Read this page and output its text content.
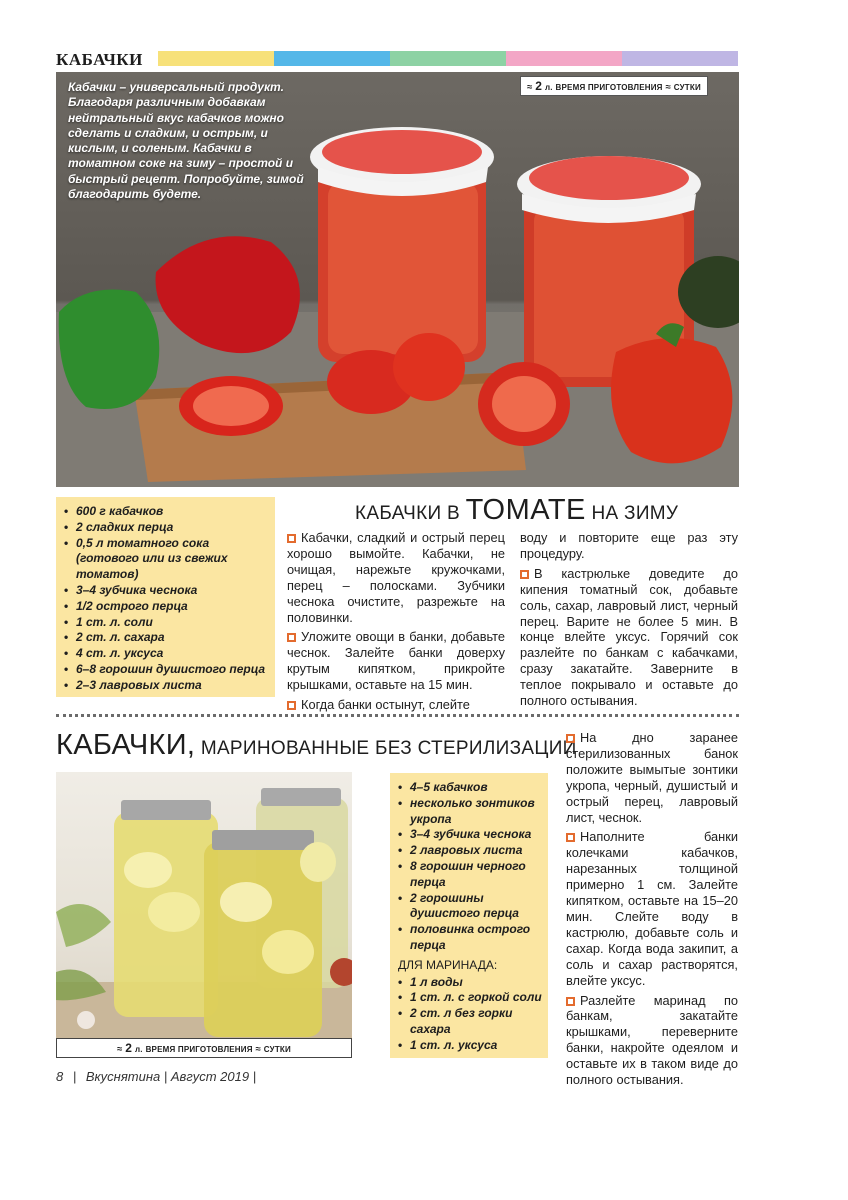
КАБАЧКИ
Кабачки – универсальный продукт. Благодаря различным добавкам нейтральный вкус кабачков можно сделать и сладким, и острым, и кислым, и соленым. Кабачки в томатном соке на зиму – простой и быстрый рецепт. Попробуйте, зимой благодарить будете.
≈ 2 л. ВРЕМЯ ПРИГОТОВЛЕНИЯ ≈ СУТКИ
• 600 г кабачков
• 2 сладких перца
• 0,5 л томатного сока (готового или из свежих томатов)
• 3–4 зубчика чеснока
• 1/2 острого перца
• 1 ст. л. соли
• 2 ст. л. сахара
• 4 ст. л. уксуса
• 6–8 горошин душистого перца
• 2–3 лавровых листа
КАБАЧКИ В ТОМАТЕ НА ЗИМУ

Кабачки, сладкий и острый перец хорошо вымойте. Кабачки, не очищая, нарежьте кружочками, перец – полосками. Зубчики чеснока очистите, разрежьте на половинки.

Уложите овощи в банки, добавьте чеснок. Залейте банки доверху крутым кипятком, прикройте крышками, оставьте на 15 мин.

Когда банки остынут, слейте

воду и повторите еще раз эту процедуру.

В кастрюльке доведите до кипения томатный сок, добавьте соль, сахар, лавровый лист, черный перец. Варите не более 5 мин. В конце влейте уксус. Горячий сок разлейте по банкам с кабачками, сразу закатайте. Заверните в теплое покрывало и оставьте до полного остывания.

КАБАЧКИ, МАРИНОВАННЫЕ БЕЗ СТЕРИЛИЗАЦИИ
≈ 2 л. ВРЕМЯ ПРИГОТОВЛЕНИЯ ≈ СУТКИ
• 4–5 кабачков
• несколько зонтиков укропа
• 3–4 зубчика чеснока
• 2 лавровых листа
• 8 горошин черного перца
• 2 горошины душистого перца
• половинка острого перца
ДЛЯ МАРИНАДА:
• 1 л воды
• 1 ст. л. с горкой соли
• 2 ст. л без горки сахара
• 1 ст. л. уксуса

На дно заранее стерилизованных банок положите вымытые зонтики укропа, черный, душистый и острый перец, лавровый лист, чеснок.

Наполните банки колечками кабачков, нарезанных толщиной примерно 1 см. Залейте кипятком, оставьте на 15–20 мин. Слейте воду в кастрюлю, добавьте соль и сахар. Когда вода закипит, а соль и сахар растворятся, влейте уксус.

Разлейте маринад по банкам, закатайте крышками, переверните банки, накройте одеялом и оставьте их в таком виде до полного остывания.

8 | Вкуснятина | Август 2019 |
